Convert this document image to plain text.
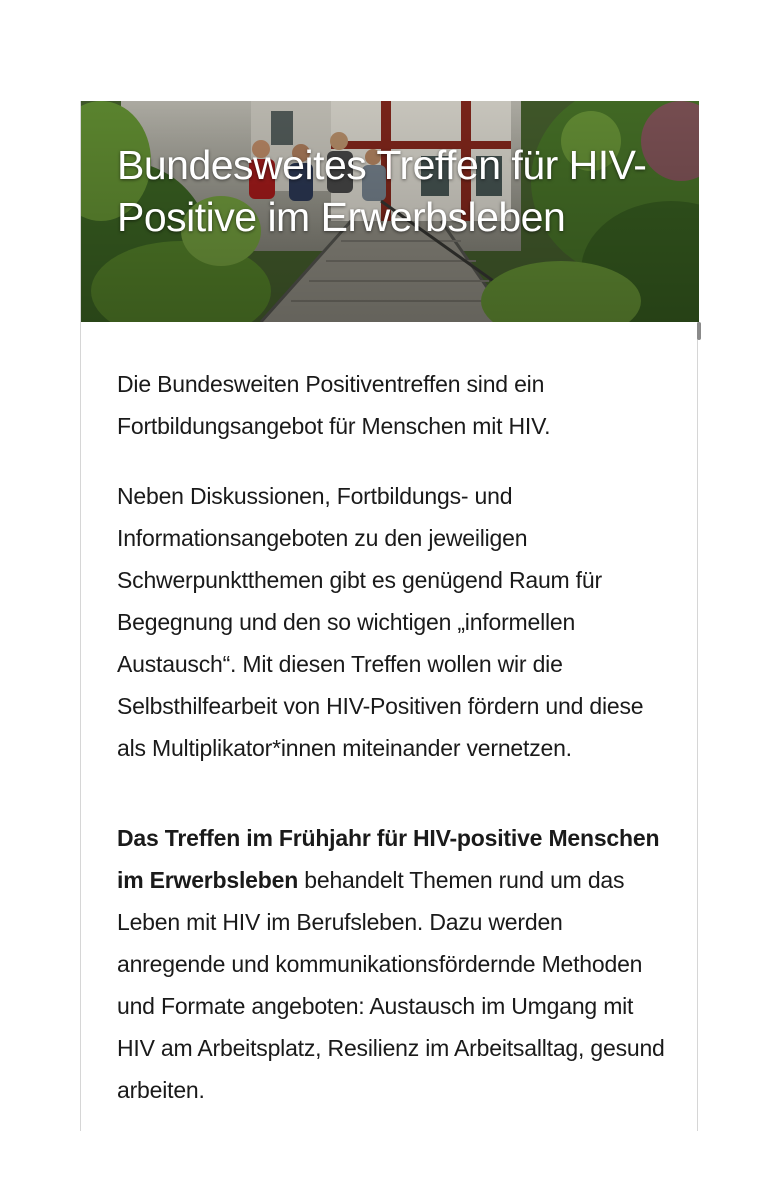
Bundesweites Treffen für HIV-Positive im Erwerbsleben

Die Bundesweiten Positiventreffen sind ein Fortbildungsangebot für Menschen mit HIV.

Neben Diskussionen, Fortbildungs- und Informationsangeboten zu den jeweiligen Schwerpunktthemen gibt es genügend Raum für Begegnung und den so wichtigen „informellen Austausch“. Mit diesen Treffen wollen wir die Selbsthilfearbeit von HIV-Positiven fördern und diese als Multiplikator*innen miteinander vernetzen.

Das Treffen im Frühjahr für HIV-positive Menschen im Erwerbsleben behandelt Themen rund um das Leben mit HIV im Berufsleben. Dazu werden anregende und kommunikationsfördernde Methoden und Formate angeboten: Austausch im Umgang mit HIV am Arbeitsplatz, Resilienz im Arbeitsalltag, gesund arbeiten.
